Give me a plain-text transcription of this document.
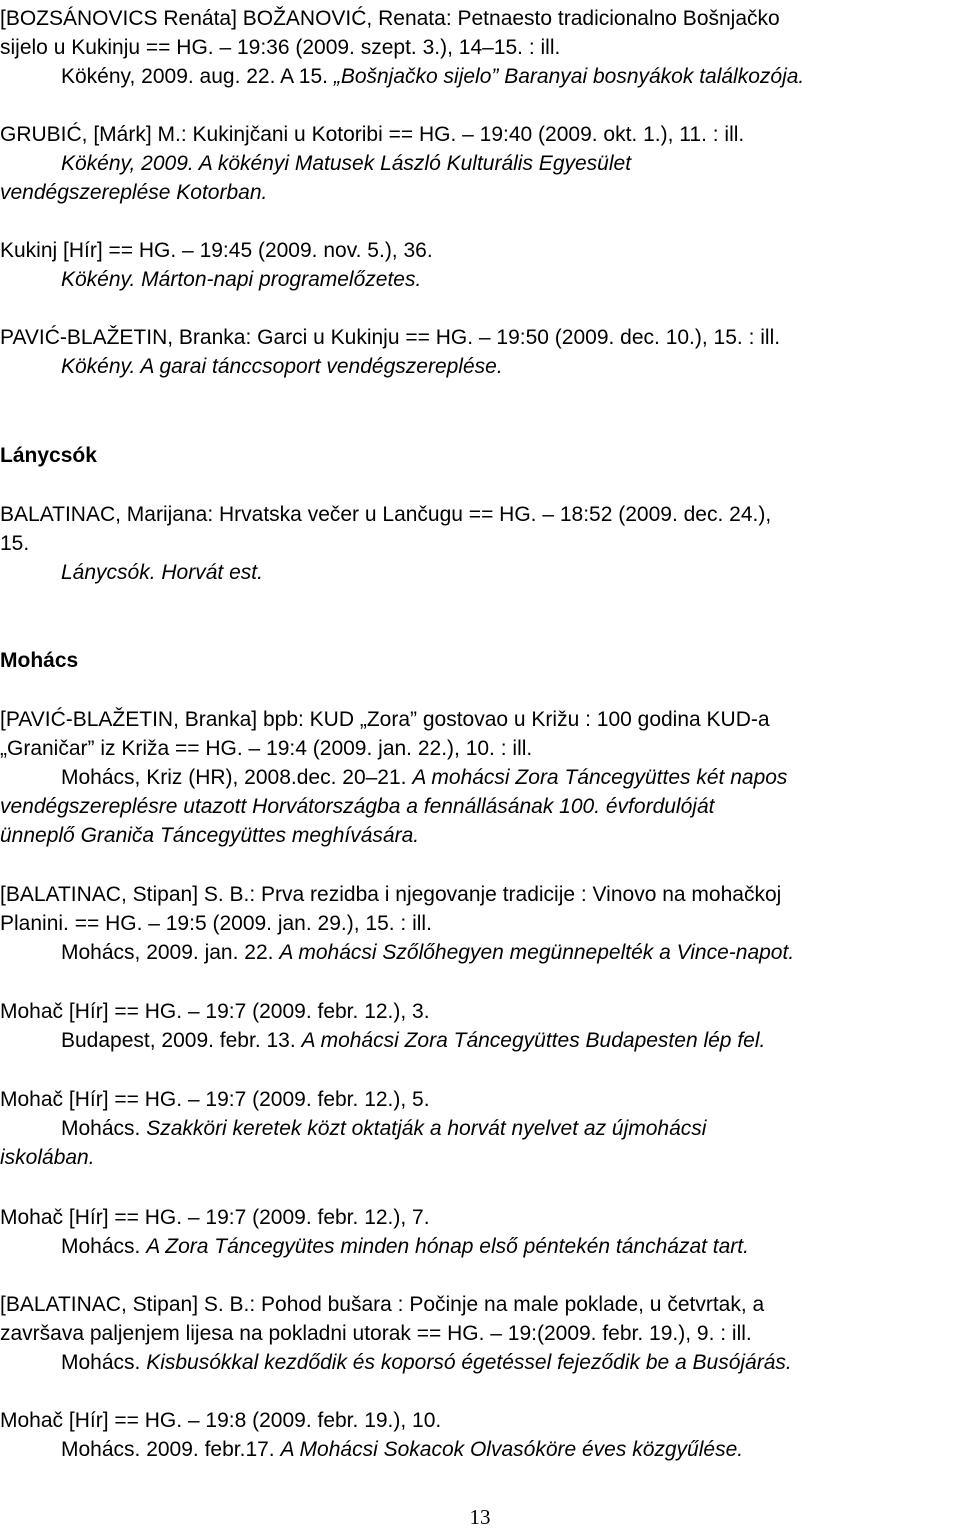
[BOZSÁNOVICS Renáta] BOŽANOVIĆ, Renata: Petnaesto tradicionalno Bošnjačko
sijelo u Kukinju == HG. – 19:36 (2009. szept. 3.), 14–15. : ill.
Kökény, 2009. aug. 22. A 15. „Bošnjačko sijelo” Baranyai bosnyákok találkozója.
GRUBIĆ, [Márk] M.: Kukinjčani u Kotoribi == HG. – 19:40 (2009. okt. 1.), 11. : ill.
Kökény, 2009. A kökényi Matusek László Kulturális Egyesület
vendégszereplése Kotorban.
Kukinj [Hír] == HG. – 19:45 (2009. nov. 5.), 36.
Kökény. Márton-napi programelőzetes.
PAVIĆ-BLAŽETIN, Branka: Garci u Kukinju == HG. – 19:50 (2009. dec. 10.), 15. : ill.
Kökény. A garai tánccsoport vendégszereplése.
Lánycsók
BALATINAC, Marijana: Hrvatska večer u Lančugu == HG. – 18:52 (2009. dec. 24.),
15.
Lánycsók. Horvát est.
Mohács
[PAVIĆ-BLAŽETIN, Branka] bpb: KUD „Zora” gostovao u Križu : 100 godina KUD-a
„Graničar” iz Križa == HG. – 19:4 (2009. jan. 22.), 10. : ill.
Mohács, Kriz (HR), 2008.dec. 20–21. A mohácsi Zora Táncegyüttes két napos
vendégszereplésre utazott Horvátországba a fennállásának 100. évfordulóját
ünneplő Graniča Táncegyüttes meghívására.
[BALATINAC, Stipan] S. B.: Prva rezidba i njegovanje tradicije : Vinovo na mohačkoj
Planini. == HG. – 19:5 (2009. jan. 29.), 15. : ill.
Mohács, 2009. jan. 22. A mohácsi Szőlőhegyen megünnepelték a Vince-napot.
Mohač [Hír] == HG. – 19:7 (2009. febr. 12.), 3.
Budapest, 2009. febr. 13. A mohácsi Zora Táncegyüttes Budapesten lép fel.
Mohač [Hír] == HG. – 19:7 (2009. febr. 12.), 5.
Mohács. Szakköri keretek közt oktatják a horvát nyelvet az újmohácsi
iskolában.
Mohač [Hír] == HG. – 19:7 (2009. febr. 12.), 7.
Mohács. A Zora Táncegyütes minden hónap első péntekén táncházat tart.
[BALATINAC, Stipan] S. B.: Pohod bušara : Počinje na male poklade, u četvrtak, a
završava paljenjem lijesa na pokladni utorak == HG. – 19:(2009. febr. 19.), 9. : ill.
Mohács. Kisbusókkal kezdődik és koporsó égetéssel fejeződik be a Busójárás.
Mohač [Hír] == HG. – 19:8 (2009. febr. 19.), 10.
Mohács. 2009. febr.17. A Mohácsi Sokacok Olvasóköre éves közgyűlése.
13
